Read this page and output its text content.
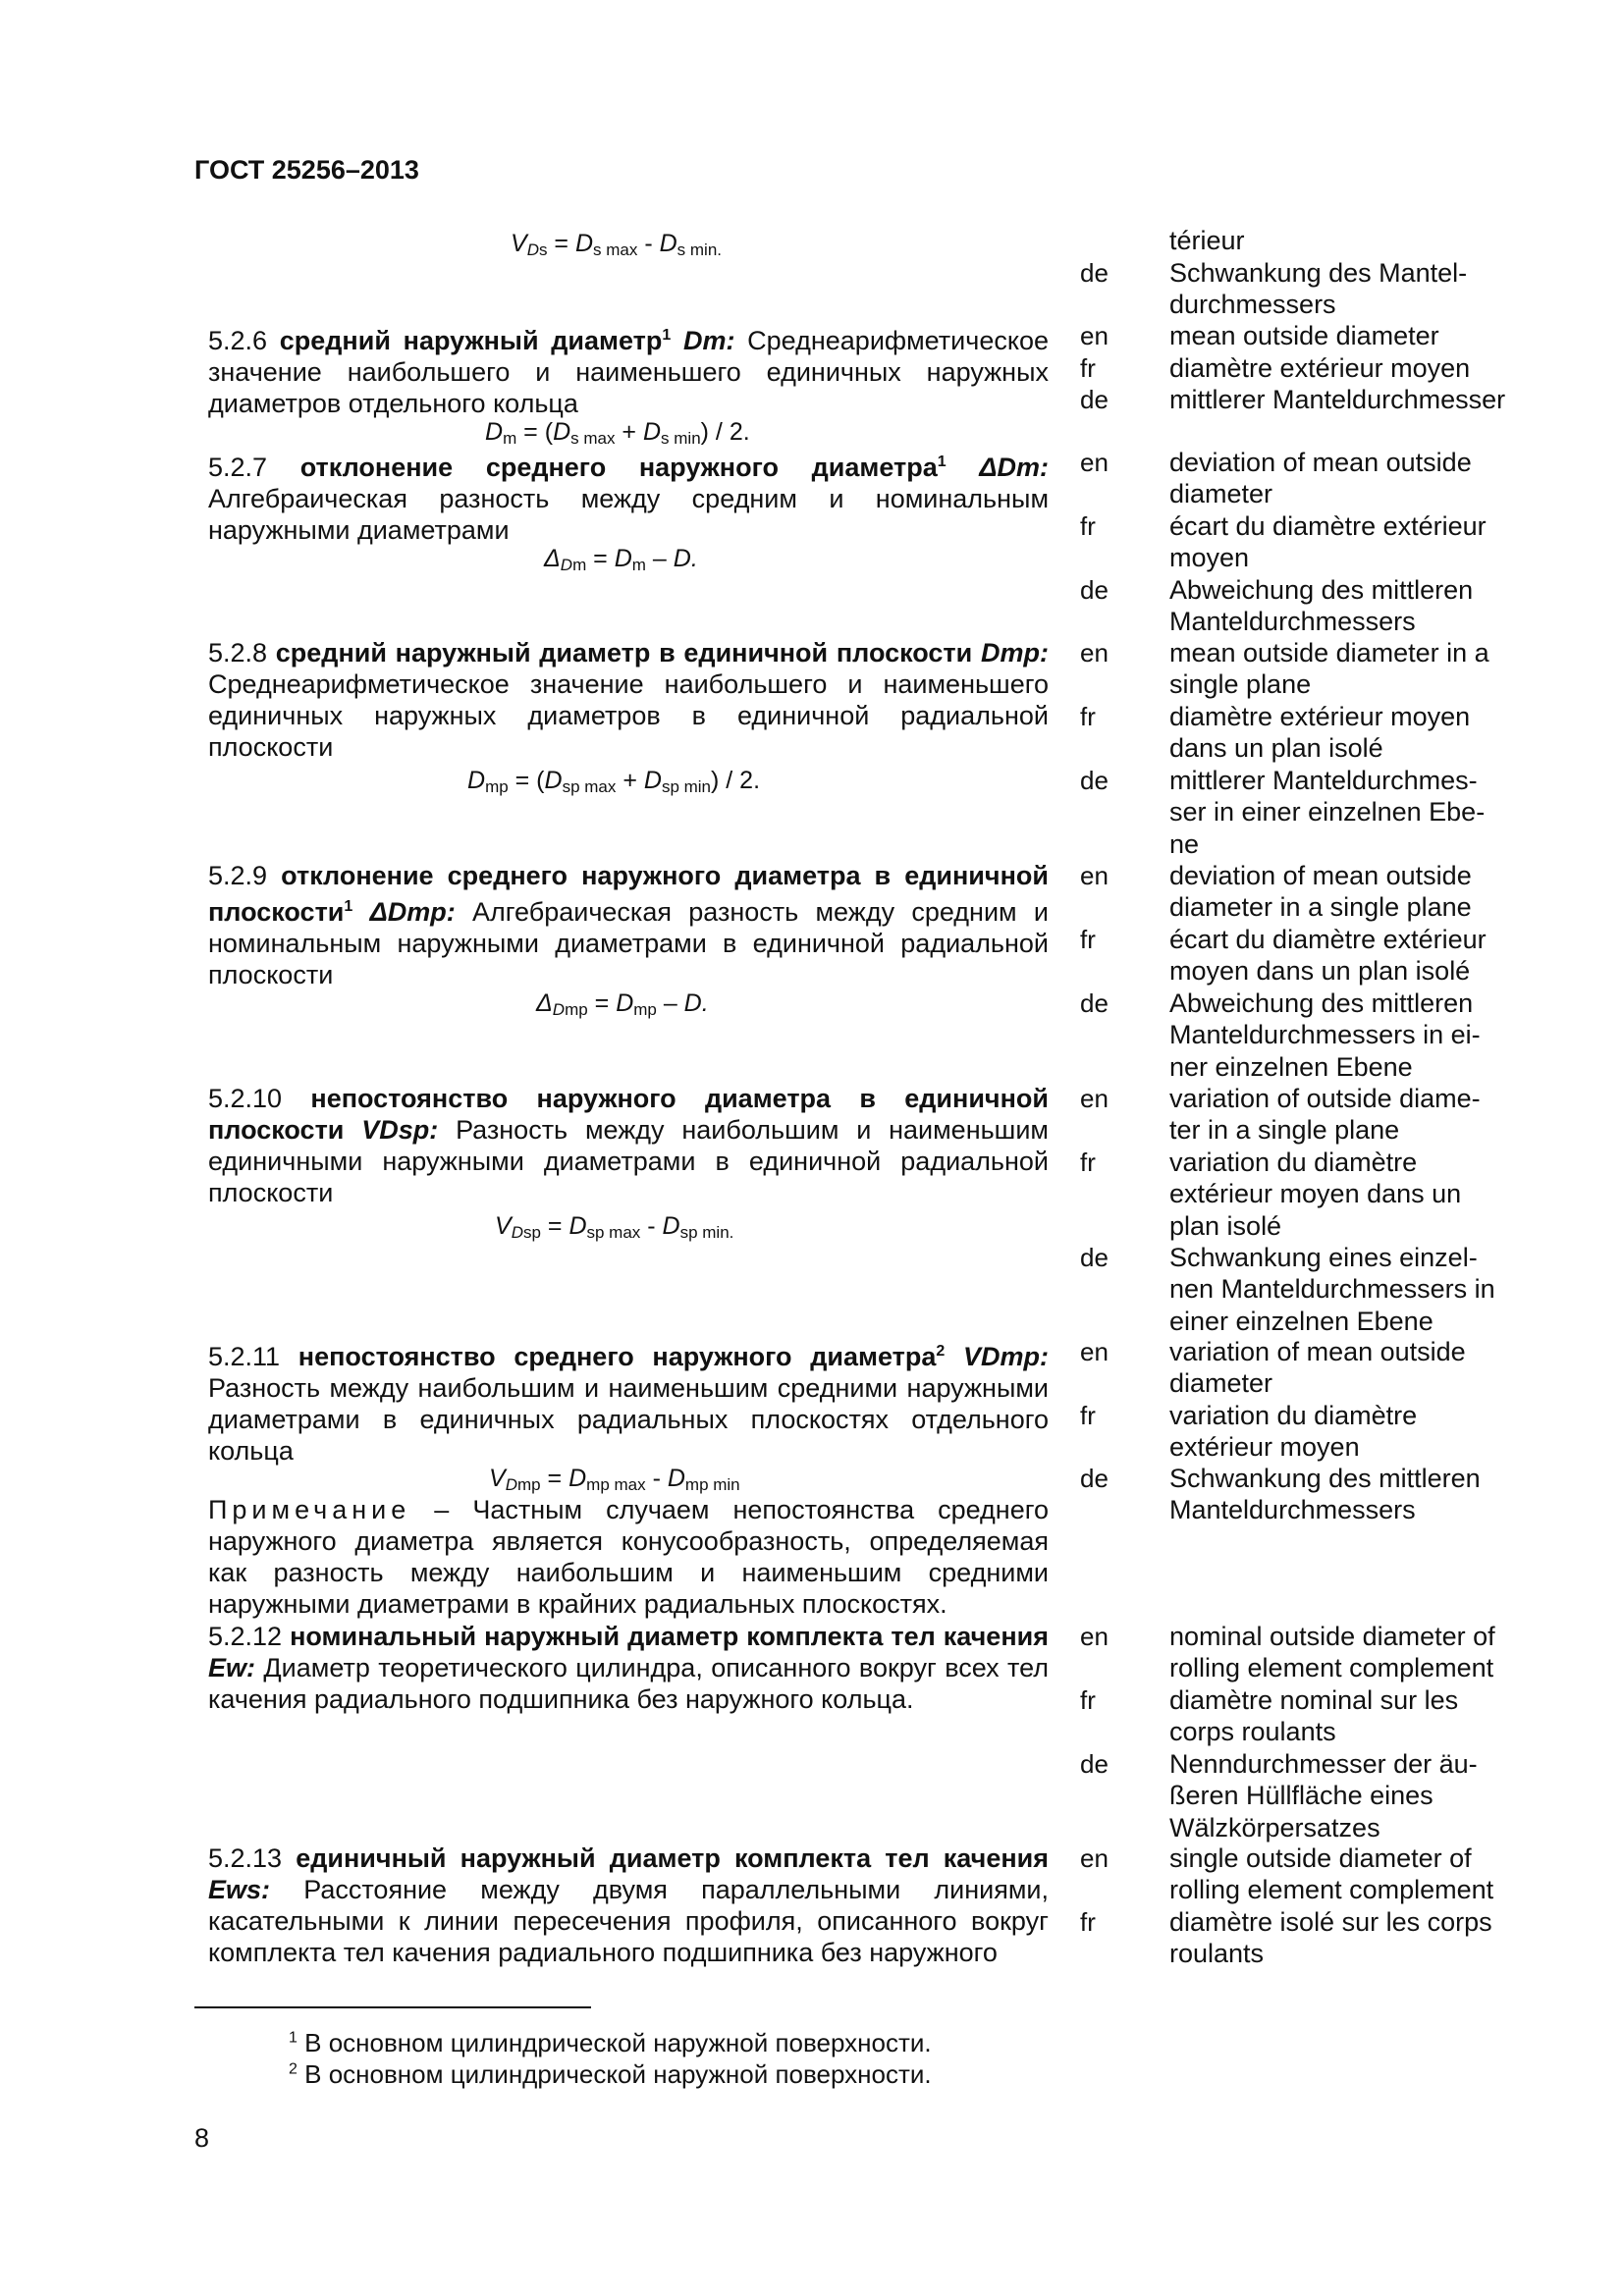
ГОСТ 25256–2013
$V_{Ds} = D_{s max} - D_{s min.}$	térieur
de Schwankung des Mantel-
durchmessers
5.2.6 средний наружный диаметр$^1$ Dm: Среднеарифметическое значение наибольшего и наименьшего единичных наружных диаметров отдельного кольца
$D_m = (D_{s max} + D_{s min}) / 2$.
en mean outside diameter
fr	diamètre extérieur moyen
de mittlerer Manteldurchmesser
5.2.7 отклонение среднего наружного диаметра$^1$ ΔDm: Алгебраическая разность между средним и номинальным наружными диаметрами
$\Delta_{Dm} = D_m - D$.
en deviation of mean outside
diameter
fr	écart du diamètre extérieur
moyen
de Abweichung des mittleren
Manteldurchmessers
5.2.8 средний наружный диаметр в единичной плоскости Dmp: Среднеарифметическое значение наибольшего и наименьшего единичных наружных диаметров в единичной радиальной плоскости
$D_{mp} = (D_{sp max} + D_{sp min}) / 2$.
en mean outside diameter in a
single plane
fr	diamètre extérieur moyen
dans un plan isolé
de mittlerer Manteldurchmes-
ser in einer einzelnen Ebe-
ne
5.2.9 отклонение среднего наружного диаметра в единичной плоскости$^1$ ΔDmp: Алгебраическая разность между средним и номинальным наружными диаметрами в единичной радиальной плоскости
$\Delta_{Dmp} = D_{mp} - D$.
en deviation of mean outside
diameter in a single plane
fr	écart du diamètre extérieur
moyen dans un plan isolé
de Abweichung des mittleren
Manteldurchmessers in ei-
ner einzelnen Ebene
5.2.10 непостоянство наружного диаметра в единичной плоскости VDsp: Разность между наибольшим и наименьшим единичными наружными диаметрами в единичной радиальной плоскости
$V_{Dsp} = D_{sp max} - D_{sp min.}$
en variation of outside diame-
ter in a single plane
fr	variation du diamètre
extérieur moyen dans un
plan isolé
de Schwankung eines einzel-
nen Manteldurchmessers in
einer einzelnen Ebene
5.2.11 непостоянство среднего наружного диаметра$^2$ VDmp: Разность между наибольшим и наименьшим средними наружными диаметрами в единичных радиальных плоскостях отдельного кольца
$V_{Dmp} = D_{mp max} - D_{mp min}$
Примечание – Частным случаем непостоянства среднего наружного диаметра является конусообразность, определяемая как разность между наибольшим и наименьшим средними наружными диаметрами в крайних радиальных плоскостях.
en variation of mean outside
diameter
fr	variation du diamètre
extérieur moyen
de Schwankung des mittleren
Manteldurchmessers
5.2.12 номинальный наружный диаметр комплекта тел качения Ew: Диаметр теоретического цилиндра, описанного вокруг всех тел качения радиального подшипника без наружного кольца.
en nominal outside diameter of
rolling element complement
fr	diamètre nominal sur les
corps roulants
de Nenndurchmesser der äu-
ßeren Hüllfläche eines
Wälzkörpersatzes
5.2.13 единичный наружный диаметр комплекта тел качения Ews: Расстояние между двумя параллельными линиями, касательными к линии пересечения профиля, описанного вокруг комплекта тел качения радиального подшипника без наружного
en single outside diameter of
rolling element complement
fr	diamètre isolé sur les corps
roulants
$^1$ В основном цилиндрической наружной поверхности.
$^2$ В основном цилиндрической наружной поверхности.
8
